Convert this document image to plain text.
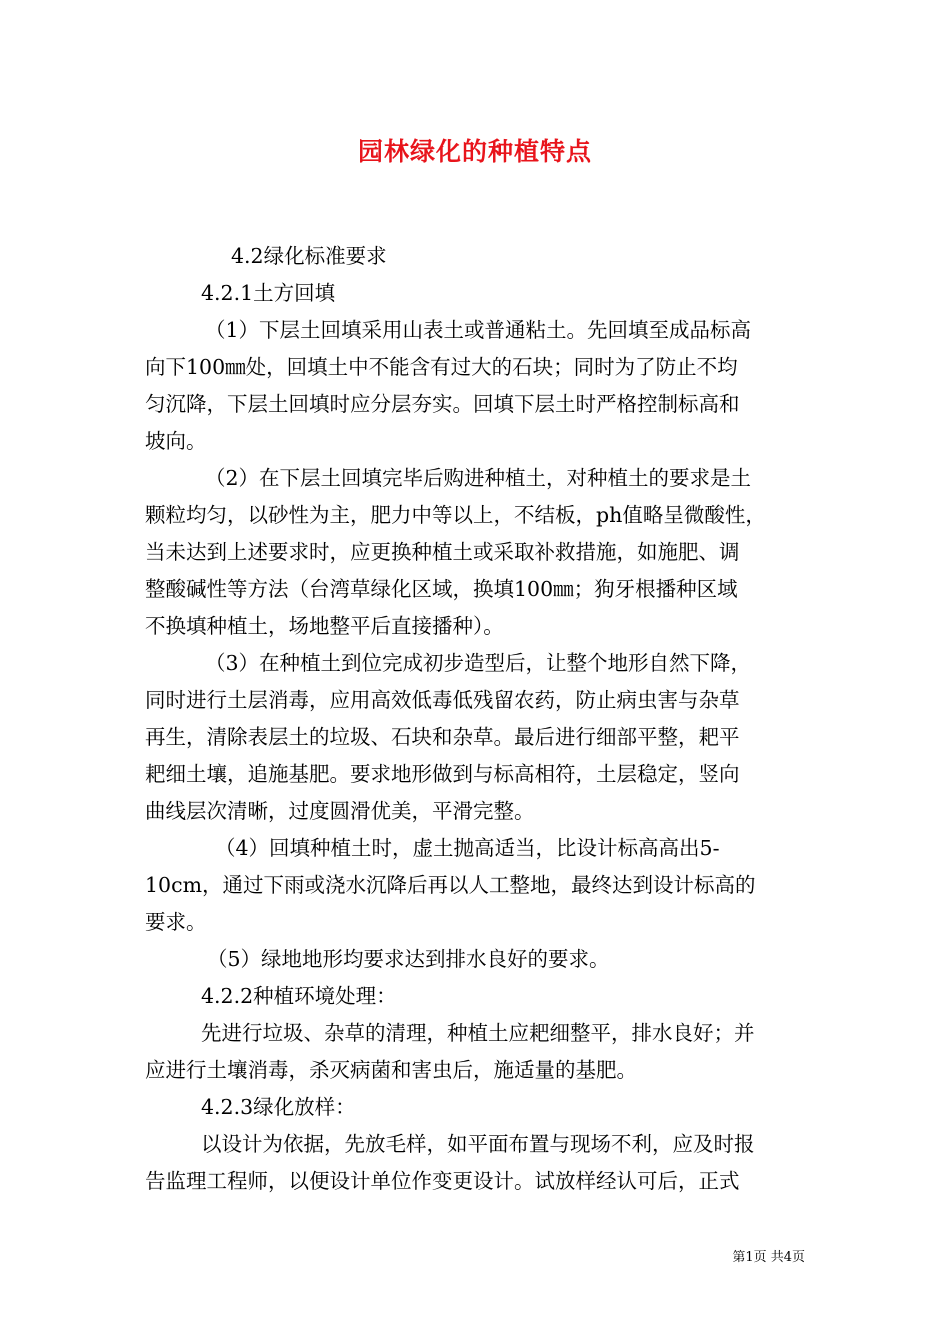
园林绿化的种植特点
4.2绿化标准要求
4.2.1土方回填
（1）下层土回填采用山表土或普通粘土。先回填至成品标高
向下100㎜处，回填土中不能含有过大的石块；同时为了防止不均
匀沉降，下层土回填时应分层夯实。回填下层土时严格控制标高和
坡向。
（2）在下层土回填完毕后购进种植土，对种植土的要求是土
颗粒均匀，以砂性为主，肥力中等以上，不结板，ph值略呈微酸性，
当未达到上述要求时，应更换种植土或采取补救措施，如施肥、调
整酸碱性等方法（台湾草绿化区域，换填100㎜；狗牙根播种区域
不换填种植土，场地整平后直接播种）。
（3）在种植土到位完成初步造型后，让整个地形自然下降，
同时进行土层消毒，应用高效低毒低残留农药，防止病虫害与杂草
再生，清除表层土的垃圾、石块和杂草。最后进行细部平整，耙平
耙细土壤，追施基肥。要求地形做到与标高相符，土层稳定，竖向
曲线层次清晰，过度圆滑优美，平滑完整。
（4）回填种植土时，虚土抛高适当，比设计标高高出5-
10cm，通过下雨或浇水沉降后再以人工整地，最终达到设计标高的
要求。
（5）绿地地形均要求达到排水良好的要求。
4.2.2种植环境处理：
先进行垃圾、杂草的清理，种植土应耙细整平，排水良好；并
应进行土壤消毒，杀灭病菌和害虫后，施适量的基肥。
4.2.3绿化放样：
以设计为依据，先放毛样，如平面布置与现场不利，应及时报
告监理工程师，以便设计单位作变更设计。试放样经认可后，正式
第1页 共4页
